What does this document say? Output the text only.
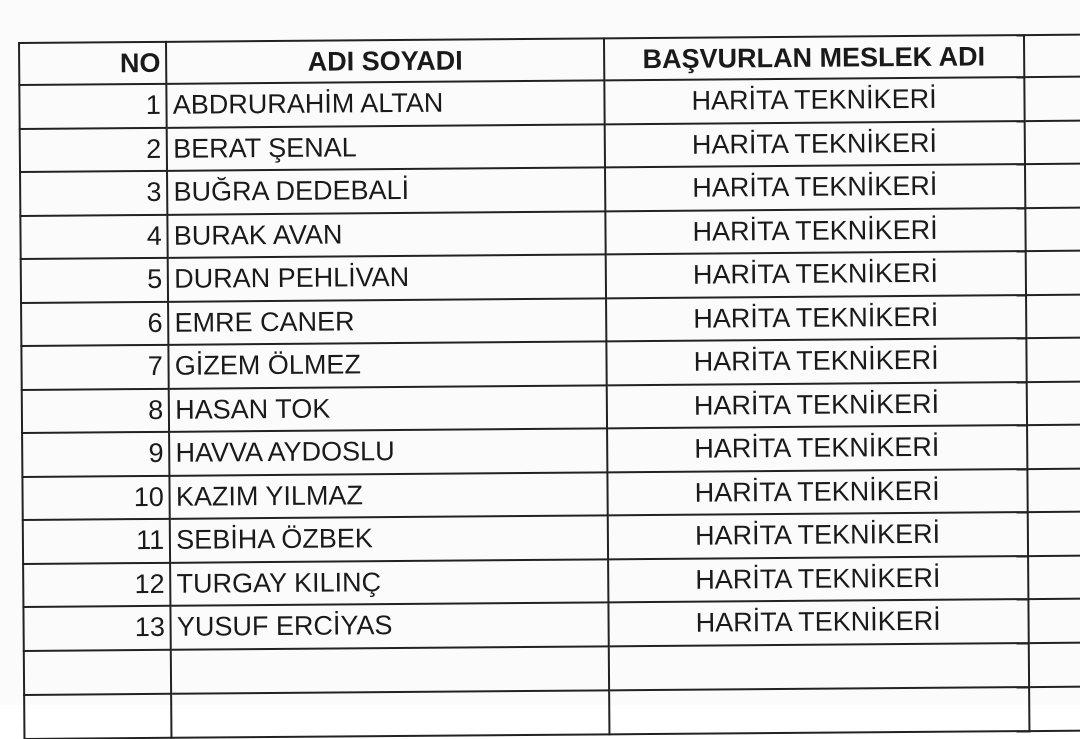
NO	ADI SOYADI	BAŞVURLAN MESLEK ADI	
1	ABDRURAHİM ALTAN	HARİTA TEKNİKERİ	
2	BERAT ŞENAL	HARİTA TEKNİKERİ	
3	BUĞRA DEDEBALİ	HARİTA TEKNİKERİ	
4	BURAK AVAN	HARİTA TEKNİKERİ	
5	DURAN PEHLİVAN	HARİTA TEKNİKERİ	
6	EMRE CANER	HARİTA TEKNİKERİ	
7	GİZEM ÖLMEZ	HARİTA TEKNİKERİ	
8	HASAN TOK	HARİTA TEKNİKERİ	
9	HAVVA AYDOSLU	HARİTA TEKNİKERİ	
10	KAZIM YILMAZ	HARİTA TEKNİKERİ	
11	SEBİHA ÖZBEK	HARİTA TEKNİKERİ	
12	TURGAY KILINÇ	HARİTA TEKNİKERİ	
13	YUSUF ERCİYAS	HARİTA TEKNİKERİ	
